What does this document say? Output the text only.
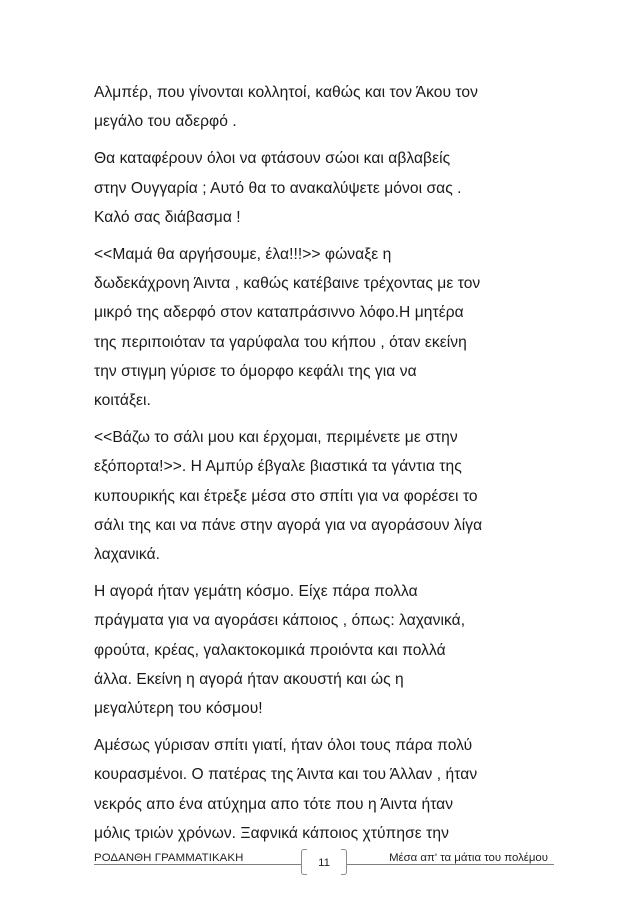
Αλμπέρ, που γίνονται κολλητοί, καθώς και τον Άκου τον
μεγάλο του αδερφό .

Θα καταφέρουν όλοι να φτάσουν σώοι και αβλαβείς
στην Ουγγαρία ; Αυτό θα το ανακαλύψετε μόνοι σας .
Καλό σας διάβασμα !

<<Μαμά θα αργήσουμε, έλα!!!>> φώναξε η
δωδεκάχρονη Άιντα , καθώς κατέβαινε τρέχοντας με τον
μικρό της αδερφό στον καταπράσιννο λόφο.Η μητέρα
της περιποιόταν τα γαρύφαλα του κήπου , όταν εκείνη
την στιγμη γύρισε το όμορφο κεφάλι της για να
κοιτάξει.

<<Βάζω το σάλι μου και έρχομαι, περιμένετε με στην
εξόπορτα!>>. Η Αμπύρ έβγαλε βιαστικά τα γάντια της
κυπουρικής και έτρεξε μέσα στο σπίτι για να φορέσει το
σάλι της και να πάνε στην αγορά για να αγοράσουν λίγα
λαχανικά.

Η αγορά ήταν γεμάτη κόσμο. Είχε πάρα πολλα
πράγματα για να αγοράσει κάποιος , όπως: λαχανικά,
φρούτα, κρέας, γαλακτοκομικά προιόντα και πολλά
άλλα. Εκείνη η αγορά ήταν ακουστή και ώς η
μεγαλύτερη του κόσμου!

Αμέσως γύρισαν σπίτι γιατί, ήταν όλοι τους πάρα πολύ
κουρασμένοι. Ο πατέρας της Άιντα και του Άλλαν , ήταν
νεκρός απο ένα ατύχημα απο τότε που η Άιντα ήταν
μόλις τριών χρόνων. Ξαφνικά κάποιος χτύπησε την

ΡΟΔΑΝΘΗ ΓΡΑΜΜΑΤΙΚΑΚΗ	11	Μέσα απ' τα μάτια του πολέμου
